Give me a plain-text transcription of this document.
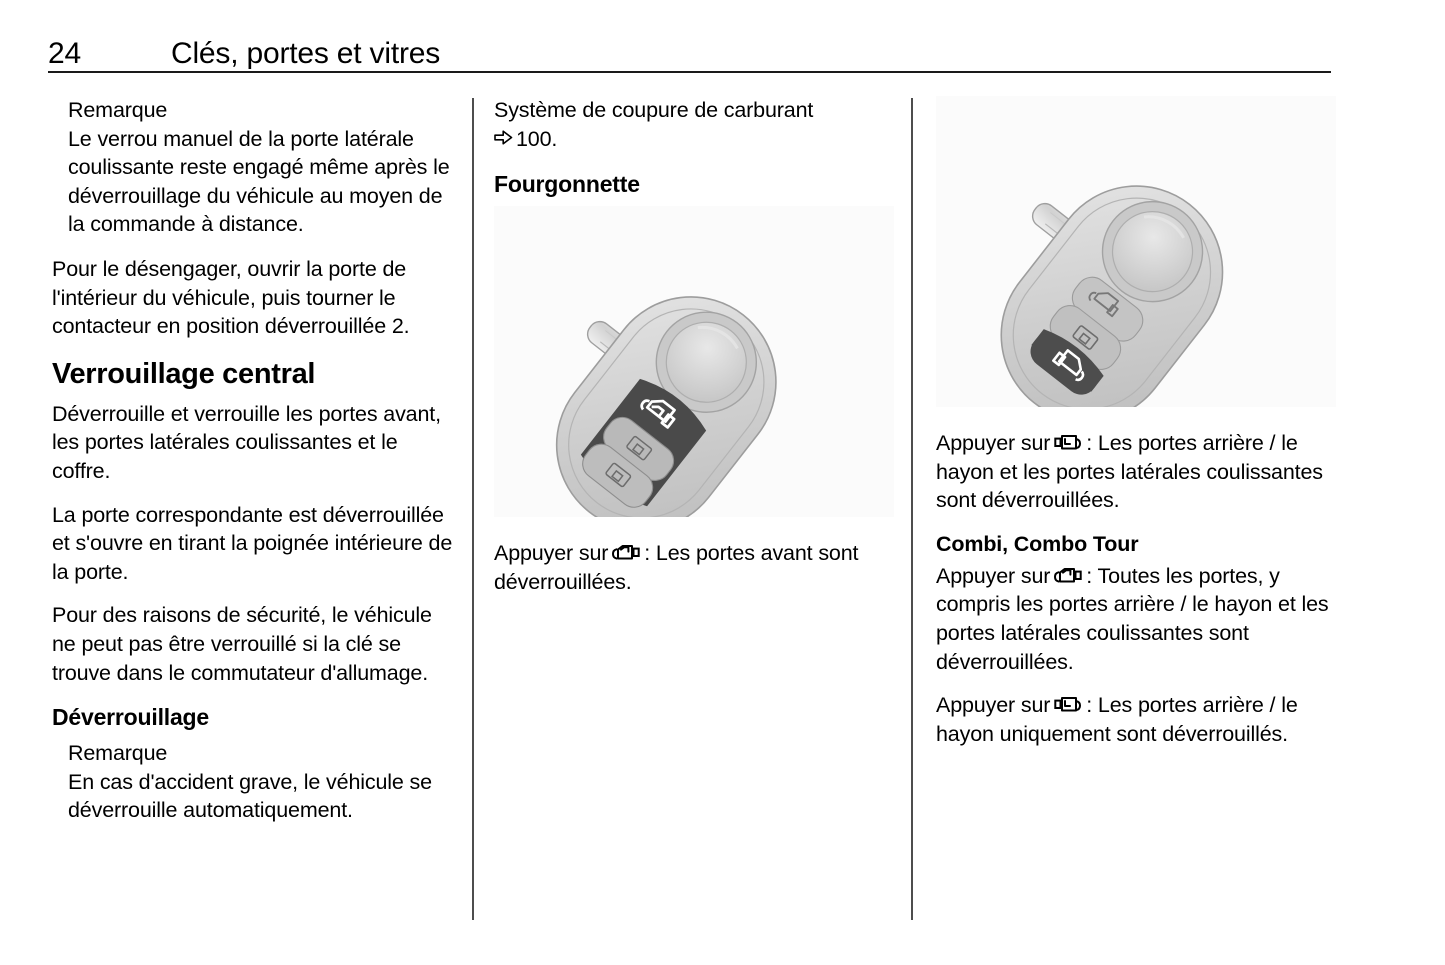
24	Clés, portes et vitres
Remarque
Le verrou manuel de la porte latérale coulissante reste engagé même après le déverrouillage du véhicule au moyen de la commande à distance.

Pour le désengager, ouvrir la porte de l'intérieur du véhicule, puis tourner le contacteur en position déverrouillée 2.

Verrouillage central

Déverrouille et verrouille les portes avant, les portes latérales coulissantes et le coffre.

La porte correspondante est déverrouillée et s'ouvre en tirant la poignée intérieure de la porte.

Pour des raisons de sécurité, le véhicule ne peut pas être verrouillé si la clé se trouve dans le commutateur d'allumage.

Déverrouillage
Remarque
En cas d'accident grave, le véhicule se déverrouille automatiquement.

Système de coupure de carburant
100.

Fourgonnette

Appuyer sur : Les portes avant sont déverrouillées.

Appuyer sur : Les portes arrière / le hayon et les portes latérales coulissantes sont déverrouillées.

Combi, Combo Tour

Appuyer sur : Toutes les portes, y compris les portes arrière / le hayon et les portes latérales coulissantes sont déverrouillées.

Appuyer sur : Les portes arrière / le hayon uniquement sont déverrouillés.
